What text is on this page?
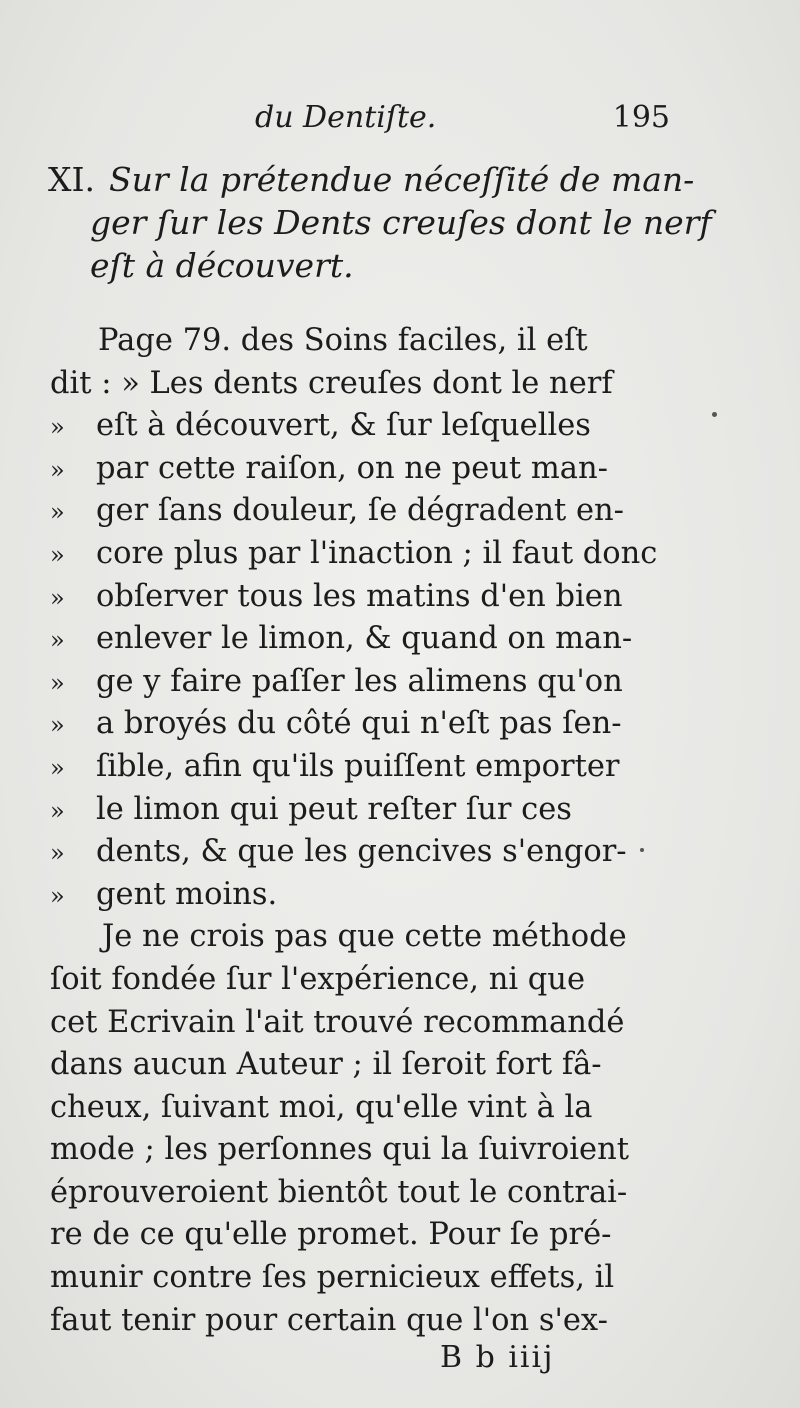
du Dentiſte.	195
XI. Sur la prétendue néceſſité de man-
ger ſur les Dents creuſes dont le nerf
eſt à découvert.
Page 79. des Soins faciles, il eſt
dit : » Les dents creuſes dont le nerf
» eſt à découvert, & ſur leſquelles
» par cette raiſon, on ne peut man-
» ger ſans douleur, ſe dégradent en-
» core plus par l'inaction ; il faut donc
» obſerver tous les matins d'en bien
» enlever le limon, & quand on man-
» ge y faire paſſer les alimens qu'on
» a broyés du côté qui n'eſt pas ſen-
» ſible, afin qu'ils puiſſent emporter
» le limon qui peut reſter ſur ces
» dents, & que les gencives s'engor-
» gent moins.
Je ne crois pas que cette méthode
ſoit fondée ſur l'expérience, ni que
cet Ecrivain l'ait trouvé recommandé
dans aucun Auteur ; il ſeroit fort fâ-
cheux, ſuivant moi, qu'elle vint à la
mode ; les perſonnes qui la ſuivroient
éprouveroient bientôt tout le contrai-
re de ce qu'elle promet. Pour ſe pré-
munir contre ſes pernicieux effets, il
faut tenir pour certain que l'on s'ex-
B b iiij
